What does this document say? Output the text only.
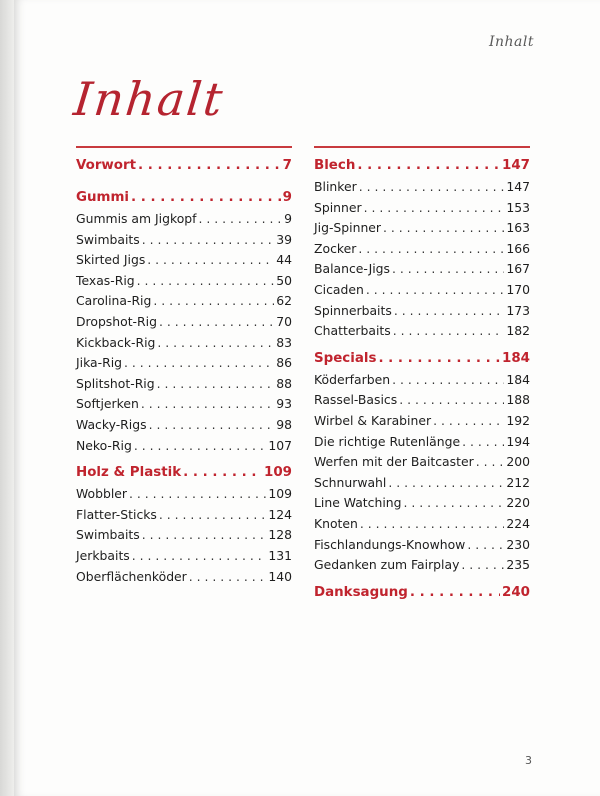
Inhalt
Inhalt
Vorwort . . .	7
Gummi . . .	9
Gummis am Jigkopf . . .	9
Swimbaits . . .	39
Skirted Jigs . . .	44
Texas-Rig . . .	50
Carolina-Rig . . .	62
Dropshot-Rig . . .	70
Kickback-Rig . . .	83
Jika-Rig . . .	86
Splitshot-Rig . . .	88
Softjerken . . .	93
Wacky-Rigs . . .	98
Neko-Rig . . .	107
Holz & Plastik . . .	109
Wobbler . . .	109
Flatter-Sticks . . .	124
Swimbaits . . .	128
Jerkbaits . . .	131
Oberflächenköder . . .	140
Blech . . .	147
Blinker . . .	147
Spinner . . .	153
Jig-Spinner . . .	163
Zocker . . .	166
Balance-Jigs . . .	167
Cicaden . . .	170
Spinnerbaits . . .	173
Chatterbaits . . .	182
Specials . . .	184
Köderfarben . . .	184
Rassel-Basics . . .	188
Wirbel & Karabiner . . .	192
Die richtige Rutenlänge . . .	194
Werfen mit der Baitcaster . . .	200
Schnurwahl . . .	212
Line Watching . . .	220
Knoten . . .	224
Fischlandungs-Knowhow . . .	230
Gedanken zum Fairplay . . .	235
Danksagung . . .	240
3
